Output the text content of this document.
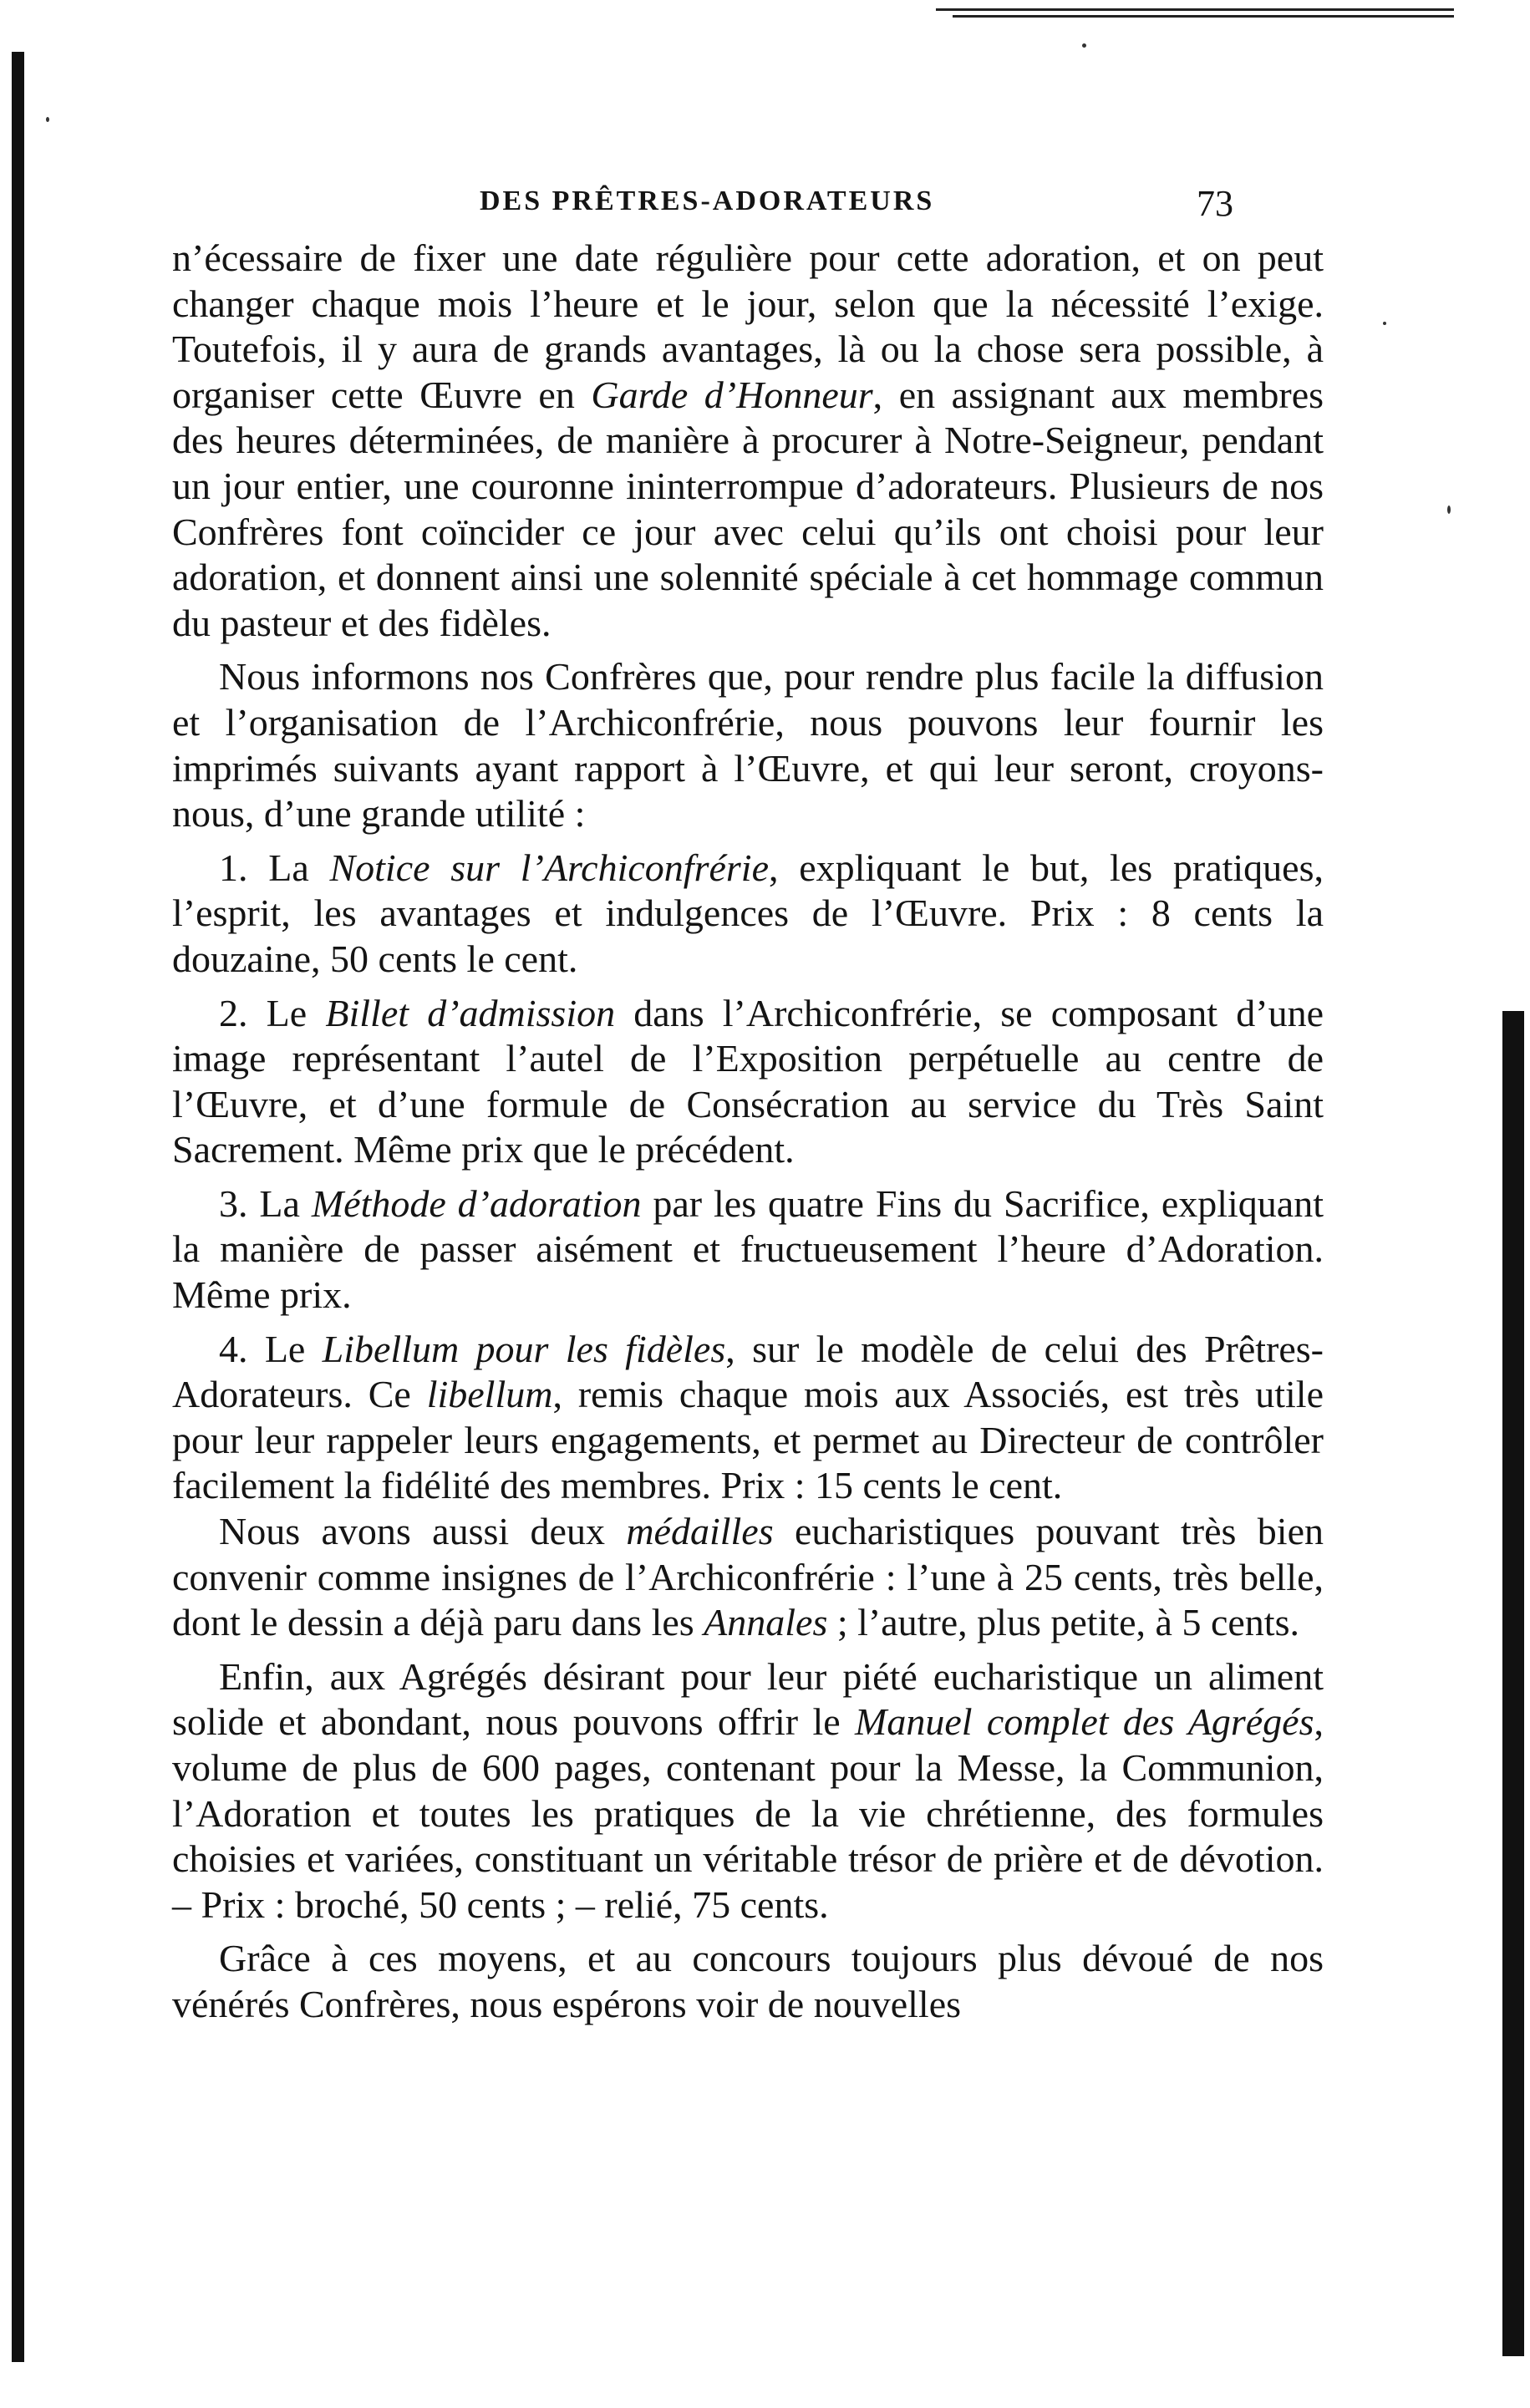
DES PRÊTRES-ADORATEURS	73

n’écessaire de fixer une date régulière pour cette adoration, et on peut changer chaque mois l’heure et le jour, selon que la nécessité l’exige. Toutefois, il y aura de grands avantages, là ou la chose sera possible, à organiser cette Œuvre en Garde d’Honneur, en assignant aux membres des heures déterminées, de manière à procurer à Notre-Seigneur, pendant un jour entier, une couronne ininterrompue d’adorateurs. Plusieurs de nos Confrères font coïncider ce jour avec celui qu’ils ont choisi pour leur adoration, et donnent ainsi une solennité spéciale à cet hommage commun du pasteur et des fidèles.

Nous informons nos Confrères que, pour rendre plus facile la diffusion et l’organisation de l’Archiconfrérie, nous pouvons leur fournir les imprimés suivants ayant rapport à l’Œuvre, et qui leur seront, croyons-nous, d’une grande utilité :

1. La Notice sur l’Archiconfrérie, expliquant le but, les pratiques, l’esprit, les avantages et indulgences de l’Œuvre. Prix : 8 cents la douzaine, 50 cents le cent.

2. Le Billet d’admission dans l’Archiconfrérie, se composant d’une image représentant l’autel de l’Exposition perpétuelle au centre de l’Œuvre, et d’une formule de Consécration au service du Très Saint Sacrement. Même prix que le précédent.

3. La Méthode d’adoration par les quatre Fins du Sacrifice, expliquant la manière de passer aisément et fructueusement l’heure d’Adoration. Même prix.

4. Le Libellum pour les fidèles, sur le modèle de celui des Prêtres-Adorateurs. Ce libellum, remis chaque mois aux Associés, est très utile pour leur rappeler leurs engagements, et permet au Directeur de contrôler facilement la fidélité des membres. Prix : 15 cents le cent.

Nous avons aussi deux médailles eucharistiques pouvant très bien convenir comme insignes de l’Archiconfrérie : l’une à 25 cents, très belle, dont le dessin a déjà paru dans les Annales ; l’autre, plus petite, à 5 cents.

Enfin, aux Agrégés désirant pour leur piété eucharistique un aliment solide et abondant, nous pouvons offrir le Manuel complet des Agrégés, volume de plus de 600 pages, contenant pour la Messe, la Communion, l’Adoration et toutes les pratiques de la vie chrétienne, des formules choisies et variées, constituant un véritable trésor de prière et de dévotion. – Prix : broché, 50 cents ; – relié, 75 cents.

Grâce à ces moyens, et au concours toujours plus dévoué de nos vénérés Confrères, nous espérons voir de nouvelles
